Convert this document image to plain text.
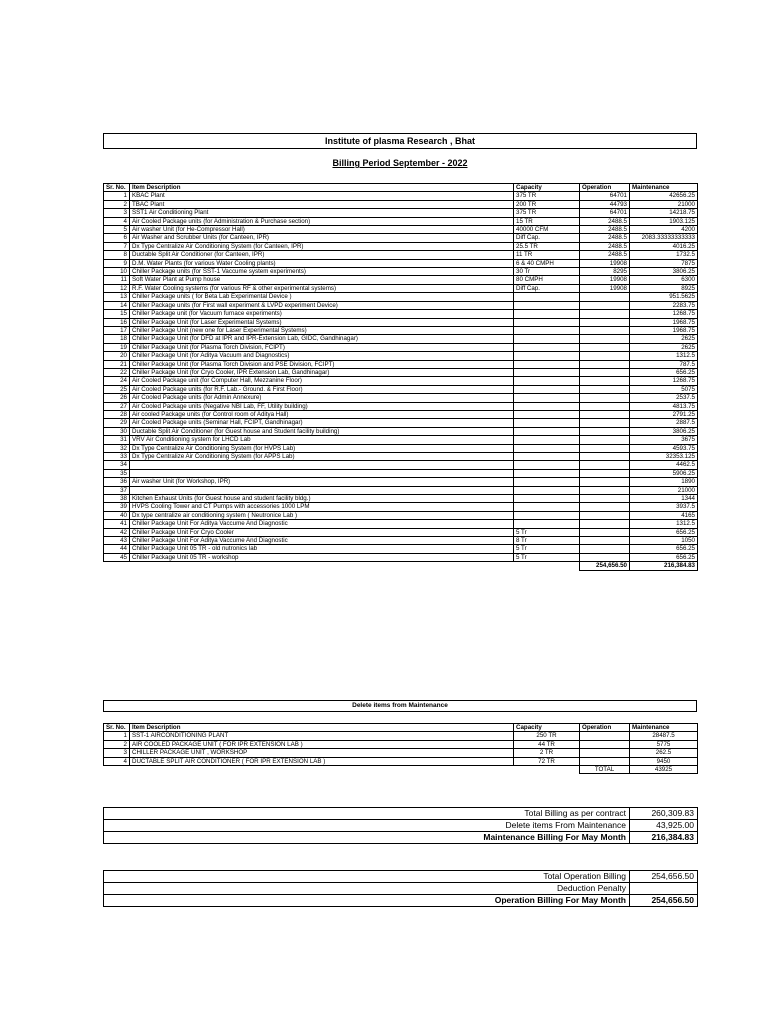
Institute of plasma Research , Bhat
Billing Period September - 2022
Sr. No.	Item Description	Capacity	Operation	Maintenance
1	KBAC Plant	375 TR	64701	42656.25
2	TBAC Plant	200 TR	44793	21000
3	SST1 Air Conditioning Plant	375 TR	64701	14218.75
4	Air Cooled Package units (for Administration & Purchase section)	15 TR	2488.5	1903.125
5	Air washer Unit (for He-Compressor Hall)	40000 CFM	2488.5	4200
6	Air Washer and Scrubber Units (for Canteen, IPR)	Diff Cap.	2488.5	2083.33333333333
7	Dx Type Centralize Air Conditioning System (for Canteen, IPR)	25.5 TR	2488.5	4016.25
8	Ductable Split Air Conditioner (for Canteen, IPR)	11 TR	2488.5	1732.5
9	D.M. Water Plants (for various Water Cooling plants)	6 & 40 CMPH	19908	7875
10	Chiller Package units (for SST-1 Vaccume system experiments)	30 Tr	8295	3806.25
11	Soft Water Plant at Pump house	80 CMPH	19908	6300
12	R.F. Water Cooling systems (for various RF & other experimental systems)	Diff Cap.	19908	8925
13	Chiller Package units ( for Beta Lab Experimental Device )			951.5625
14	Chiller Package units (for First wall experiment & LVPD experiment Device)			2283.75
15	Chiller Package unit (for Vacuum furnace experiments)			1268.75
16	Chiller Package Unit (for Laser Experimental Systems)			1968.75
17	Chiller Package Unit (new one for Laser Experimental Systems)			1968.75
18	Chiller Package Unit (for DFD at IPR and IPR-Extension Lab, GIDC, Gandhinagar)			2625
19	Chiller Package Unit (for Plasma Torch Division, FCIPT)			2625
20	Chiller Package Unit (for Aditya Vacuum and Diagnostics)			1312.5
21	Chiller Package Unit (for Plasma Torch Division and PSE Division, FCIPT)			787.5
22	Chiller Package Unit (for Cryo Cooler, IPR Extension Lab, Gandhinagar)			656.25
24	Air Cooled Package unit (for Computer Hall, Mezzanine Floor)			1268.75
25	Air Cooled Package units (for R.F. Lab.- Ground. & First Floor)			5075
26	Air Cooled Package units (for Admin Annexure)			2537.5
27	Air Cooled Package units (Negative NBI Lab, FF, Utility building)			4813.75
28	Air cooled Package units (for Control room of Aditya Hall)			2791.25
29	Air Cooled Package units (Seminar Hall, FCIPT, Gandhinagar)			2887.5
30	Ductable Split Air Conditioner (for Guest house and Student facility building)			3806.25
31	VRV Air Conditioning system for LHCD Lab			3675
32	Dx Type Centralize Air Conditioning System (for HVPS Lab)			4593.75
33	Dx Type Centralize Air Conditioning System (for APPS Lab)			32353.125
34				4462.5
35				5906.25
36	Air washer Unit (for Workshop, IPR)			1890
37				21000
38	Kitchen Exhaust Units (for Guest house and student facility bldg.)			1344
39	HVPS Cooling Tower and CT Pumps with accessories 1000 LPM			3937.5
40	Dx type centralize air conditioning system ( Neutronice Lab )			4165
41	Chiller Package Unit For Aditya Vaccume And Diagnostic			1312.5
42	Chiller Package Unit For Cryo Cooler	5 Tr		656.25
43	Chiller Package Unit For Aditya Vaccume And Diagnostic	8 Tr		1050
44	Chiller Package Unit 05 TR - old nutronics lab	5 Tr		656.25
45	Chiller Package Unit 05 TR - workshop	5 Tr		656.25
			254,656.50	216,384.83
Delete items from Maintenance
Sr. No.	Item Description	Capacity	Operation	Maintenance
1	SST-1 AIRCONDITIONING PLANT	250 TR		28487.5
2	AIR COOLED PACKAGE UNIT ( FOR IPR EXTENSION LAB )	44 TR		5775
3	CHILLER PACKAGE UNIT , WORKSHOP	2 TR		262.5
4	DUCTABLE SPLIT AIR CONDITIONER ( FOR IPR EXTENSION LAB )	72 TR		9450
			TOTAL	43925
Total Billing as per contract	260,309.83
Delete items From Maintenance	43,925.00
Maintenance Billing For May Month	216,384.83
Total Operation Billing	254,656.50
Deduction Penalty	
Operation Billing For May Month	254,656.50
